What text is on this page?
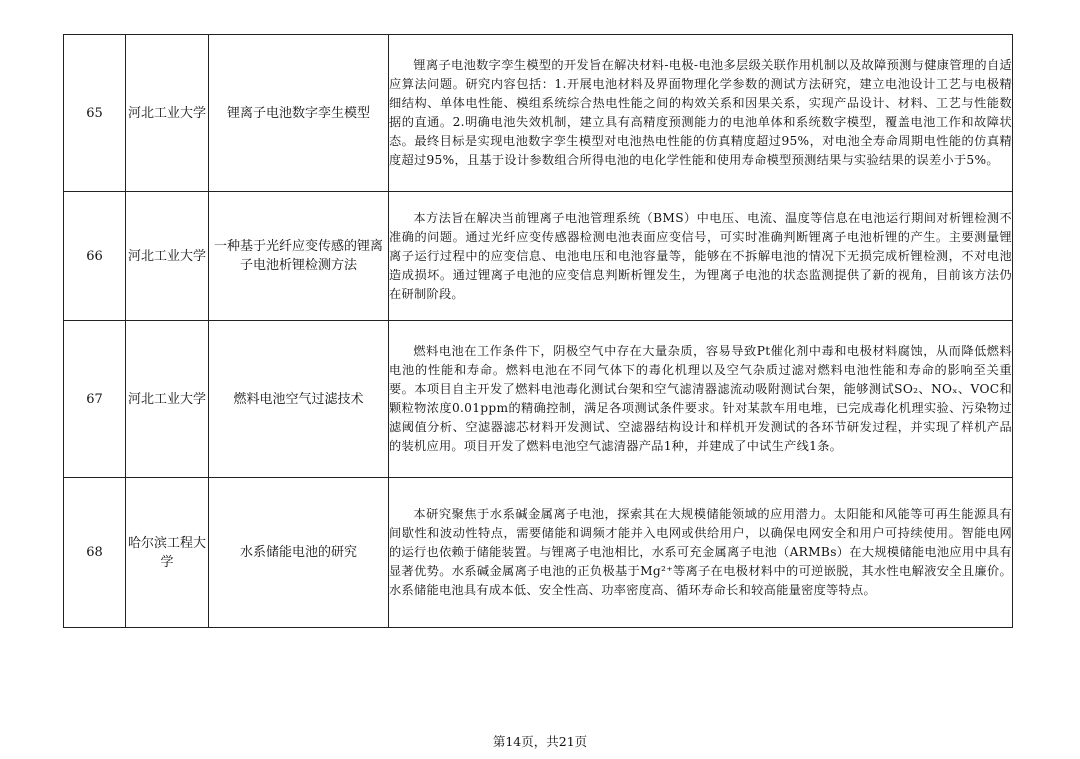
65	河北工业大学	锂离子电池数字孪生模型	锂离子电池数字孪生模型的开发旨在解决材料-电极-电池多层级关联作用机制以及故障预测与健康管理的自适应算法问题。研究内容包括：1.开展电池材料及界面物理化学参数的测试方法研究，建立电池设计工艺与电极精细结构、单体电性能、模组系统综合热电性能之间的构效关系和因果关系，实现产品设计、材料、工艺与性能数据的直通。2.明确电池失效机制，建立具有高精度预测能力的电池单体和系统数字模型，覆盖电池工作和故障状态。最终目标是实现电池数字孪生模型对电池热电性能的仿真精度超过95%，对电池全寿命周期电性能的仿真精度超过95%，且基于设计参数组合所得电池的电化学性能和使用寿命模型预测结果与实验结果的误差小于5%。

66	河北工业大学	一种基于光纤应变传感的锂离子电池析锂检测方法	本方法旨在解决当前锂离子电池管理系统（BMS）中电压、电流、温度等信息在电池运行期间对析锂检测不准确的问题。通过光纤应变传感器检测电池表面应变信号，可实时准确判断锂离子电池析锂的产生。主要测量锂离子运行过程中的应变信息、电池电压和电池容量等，能够在不拆解电池的情况下无损完成析锂检测，不对电池造成损坏。通过锂离子电池的应变信息判断析锂发生，为锂离子电池的状态监测提供了新的视角，目前该方法仍在研制阶段。

67	河北工业大学	燃料电池空气过滤技术	燃料电池在工作条件下，阴极空气中存在大量杂质，容易导致Pt催化剂中毒和电极材料腐蚀，从而降低燃料电池的性能和寿命。燃料电池在不同气体下的毒化机理以及空气杂质过滤对燃料电池性能和寿命的影响至关重要。本项目自主开发了燃料电池毒化测试台架和空气滤清器滤流动吸附测试台架，能够测试SO₂、NOₓ、VOC和颗粒物浓度0.01ppm的精确控制，满足各项测试条件要求。针对某款车用电堆，已完成毒化机理实验、污染物过滤阈值分析、空滤器滤芯材料开发测试、空滤器结构设计和样机开发测试的各环节研发过程，并实现了样机产品的装机应用。项目开发了燃料电池空气滤清器产品1种，并建成了中试生产线1条。

68	哈尔滨工程大学	水系储能电池的研究	本研究聚焦于水系碱金属离子电池，探索其在大规模储能领域的应用潜力。太阳能和风能等可再生能源具有间歇性和波动性特点，需要储能和调频才能并入电网或供给用户，以确保电网安全和用户可持续使用。智能电网的运行也依赖于储能装置。与锂离子电池相比，水系可充金属离子电池（ARMBs）在大规模储能电池应用中具有显著优势。水系碱金属离子电池的正负极基于Mg²⁺等离子在电极材料中的可逆嵌脱，其水性电解液安全且廉价。水系储能电池具有成本低、安全性高、功率密度高、循环寿命长和较高能量密度等特点。
第14页，共21页
